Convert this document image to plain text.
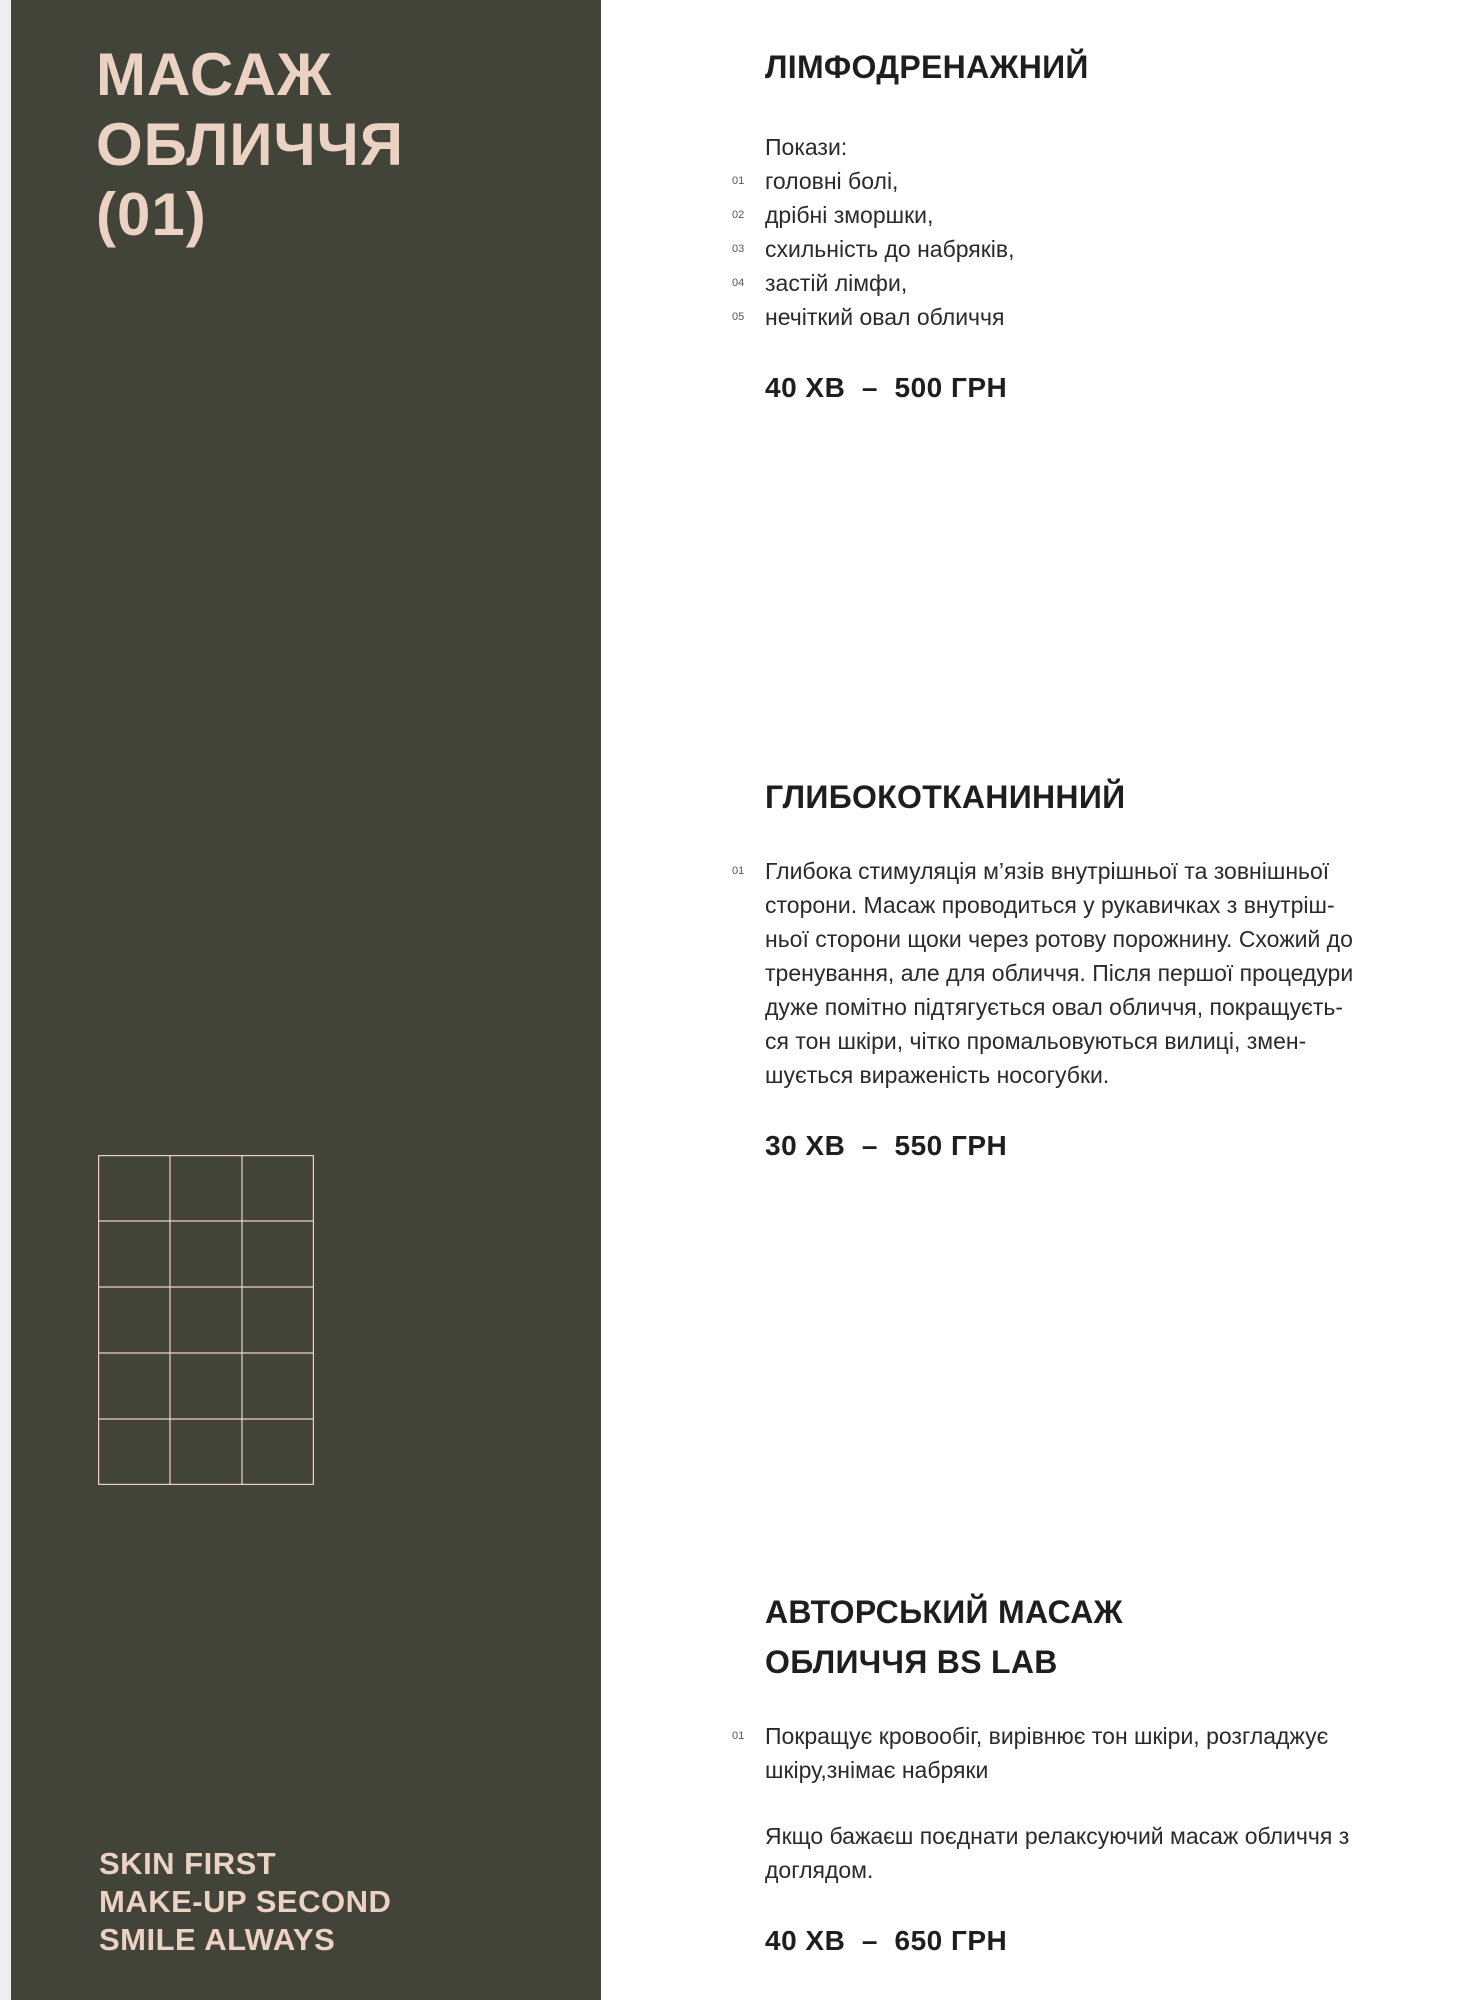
МАСАЖ
ОБЛИЧЧЯ
(01)
SKIN FIRST
MAKE-UP SECOND
SMILE ALWAYS
ЛІМФОДРЕНАЖНИЙ
Покази:
01 головні болі,
02 дрібні зморшки,
03 схильність до набряків,
04 застій лімфи,
05 нечіткий овал обличчя
40 ХВ  –  500 ГРН
ГЛИБОКОТКАНИННИЙ
01 Глибока стимуляція м’язів внутрішньої та зовнішньої
сторони. Масаж проводиться у рукавичках з внутріш-
ньої сторони щоки через ротову порожнину. Схожий до
тренування, але для обличчя. Після першої процедури
дуже помітно підтягується овал обличчя, покращуєть-
ся тон шкіри, чітко промальовуються вилиці, змен-
шується вираженість носогубки.
30 ХВ  –  550 ГРН
АВТОРСЬКИЙ МАСАЖ
ОБЛИЧЧЯ BS LAB
01 Покращує кровообіг, вирівнює тон шкіри, розгладжує
шкіру,знімає набряки
Якщо бажаєш поєднати релаксуючий масаж обличчя з
доглядом.
40 ХВ  –  650 ГРН
